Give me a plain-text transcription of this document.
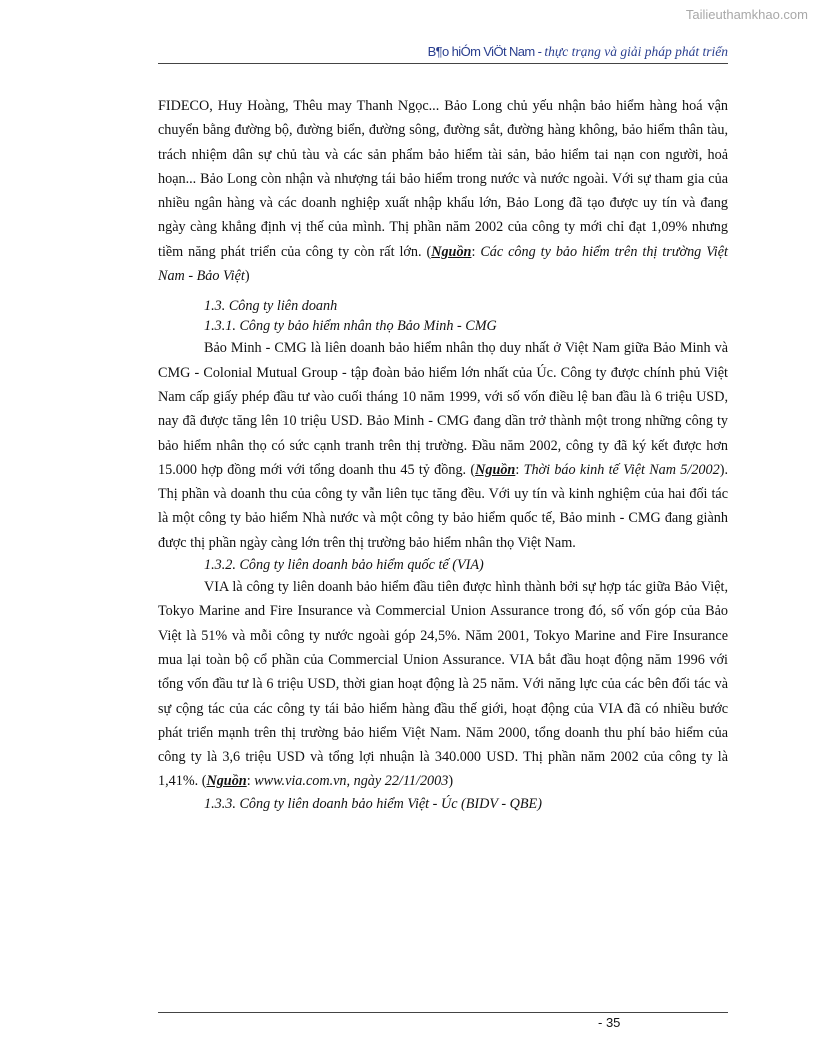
Tailieuthamkhao.com
B¶o hiÓm ViÖt Nam - thực trạng và giải pháp phát triển

FIDECO, Huy Hoàng, Thêu may Thanh Ngọc... Bảo Long chủ yếu nhận bảo hiểm hàng hoá vận chuyển bằng đường bộ, đường biển, đường sông, đường sắt, đường hàng không, bảo hiểm thân tàu, trách nhiệm dân sự chủ tàu và các sản phẩm bảo hiểm tài sản, bảo hiểm tai nạn con người, hoả hoạn... Bảo Long còn nhận và nhượng tái bảo hiểm trong nước và nước ngoài. Với sự tham gia của nhiều ngân hàng và các doanh nghiệp xuất nhập khẩu lớn, Bảo Long đã tạo được uy tín và đang ngày càng khẳng định vị thế của mình. Thị phần năm 2002 của công ty mới chỉ đạt 1,09% nhưng tiềm năng phát triển của công ty còn rất lớn. (Nguồn: Các công ty bảo hiểm trên thị trường Việt Nam - Bảo Việt)

1.3. Công ty liên doanh

1.3.1. Công ty bảo hiểm nhân thọ Bảo Minh - CMG

Bảo Minh - CMG là liên doanh bảo hiểm nhân thọ duy nhất ở Việt Nam giữa Bảo Minh và CMG - Colonial Mutual Group - tập đoàn bảo hiểm lớn nhất của Úc. Công ty được chính phủ Việt Nam cấp giấy phép đầu tư vào cuối tháng 10 năm 1999, với số vốn điều lệ ban đầu là 6 triệu USD, nay đã được tăng lên 10 triệu USD. Bảo Minh - CMG đang dần trở thành một trong những công ty bảo hiểm nhân thọ có sức cạnh tranh trên thị trường. Đầu năm 2002, công ty đã ký kết được hơn 15.000 hợp đồng mới với tổng doanh thu 45 tỷ đồng. (Nguồn: Thời báo kinh tế Việt Nam 5/2002). Thị phần và doanh thu của công ty vẫn liên tục tăng đều. Với uy tín và kinh nghiệm của hai đối tác là một công ty bảo hiểm Nhà nước và một công ty bảo hiểm quốc tế, Bảo minh - CMG đang giành được thị phần ngày càng lớn trên thị trường bảo hiểm nhân thọ Việt Nam.

1.3.2. Công ty liên doanh bảo hiểm quốc tế (VIA)

VIA là công ty liên doanh bảo hiểm đầu tiên được hình thành bởi sự hợp tác giữa Bảo Việt, Tokyo Marine and Fire Insurance và Commercial Union Assurance trong đó, số vốn góp của Bảo Việt là 51% và mỗi công ty nước ngoài góp 24,5%. Năm 2001, Tokyo Marine and Fire Insurance mua lại toàn bộ cổ phần của Commercial Union Assurance. VIA bắt đầu hoạt động năm 1996 với tổng vốn đầu tư là 6 triệu USD, thời gian hoạt động là 25 năm. Với năng lực của các bên đối tác và sự cộng tác của các công ty tái bảo hiểm hàng đầu thế giới, hoạt động của VIA đã có nhiều bước phát triển mạnh trên thị trường bảo hiểm Việt Nam. Năm 2000, tổng doanh thu phí bảo hiểm của công ty là 3,6 triệu USD và tổng lợi nhuận là 340.000 USD. Thị phần năm 2002 của công ty là 1,41%. (Nguồn: www.via.com.vn, ngày 22/11/2003)

1.3.3. Công ty liên doanh bảo hiểm Việt - Úc (BIDV - QBE)

- 35
